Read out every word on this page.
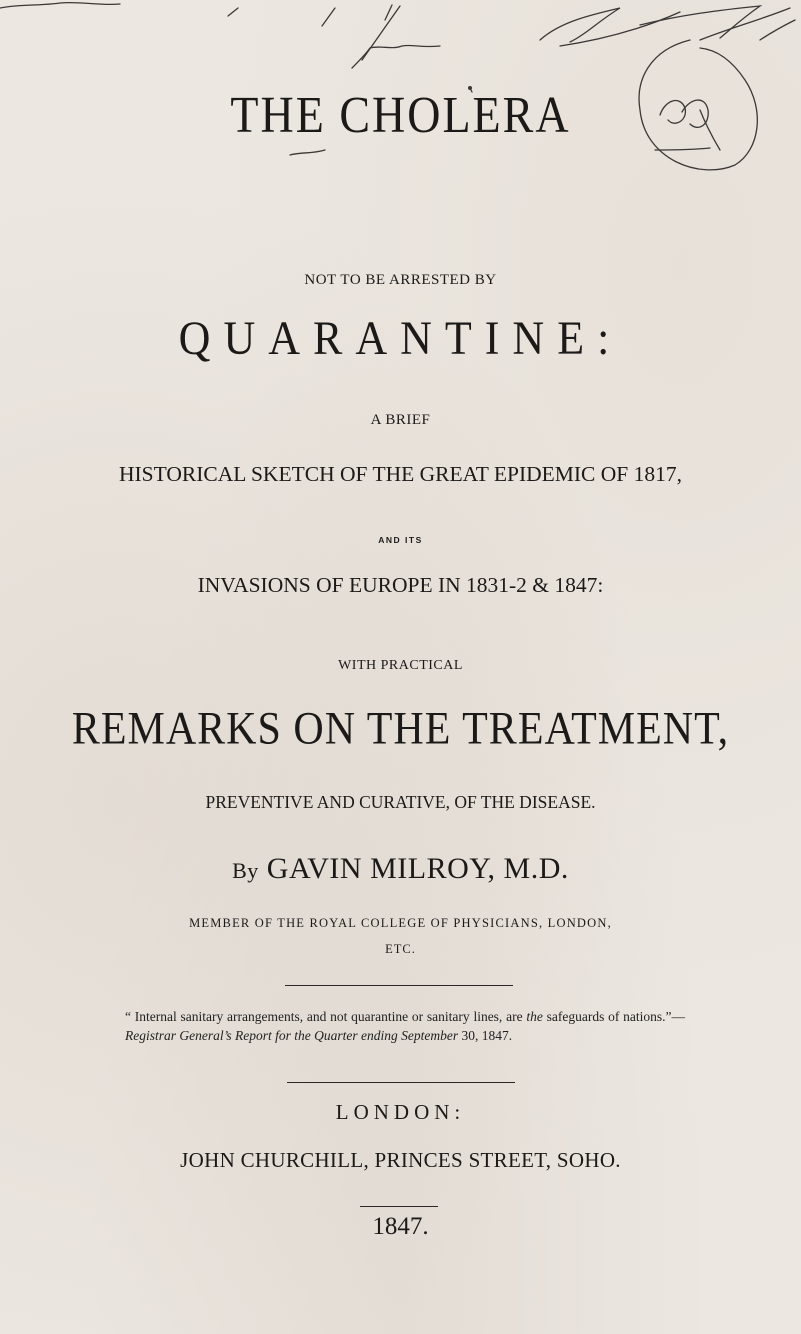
THE CHOLERA
NOT TO BE ARRESTED BY
QUARANTINE:
A BRIEF
HISTORICAL SKETCH OF THE GREAT EPIDEMIC OF 1817,
AND ITS
INVASIONS OF EUROPE IN 1831-2 & 1847:
WITH PRACTICAL
REMARKS ON THE TREATMENT,
PREVENTIVE AND CURATIVE, OF THE DISEASE.
By GAVIN MILROY, M.D.
MEMBER OF THE ROYAL COLLEGE OF PHYSICIANS, LONDON,
ETC.
“ Internal sanitary arrangements, and not quarantine or sanitary lines, are the safeguards of nations.”—Registrar General’s Report for the Quarter ending September 30, 1847.
LONDON:
JOHN CHURCHILL, PRINCES STREET, SOHO.
1847.
